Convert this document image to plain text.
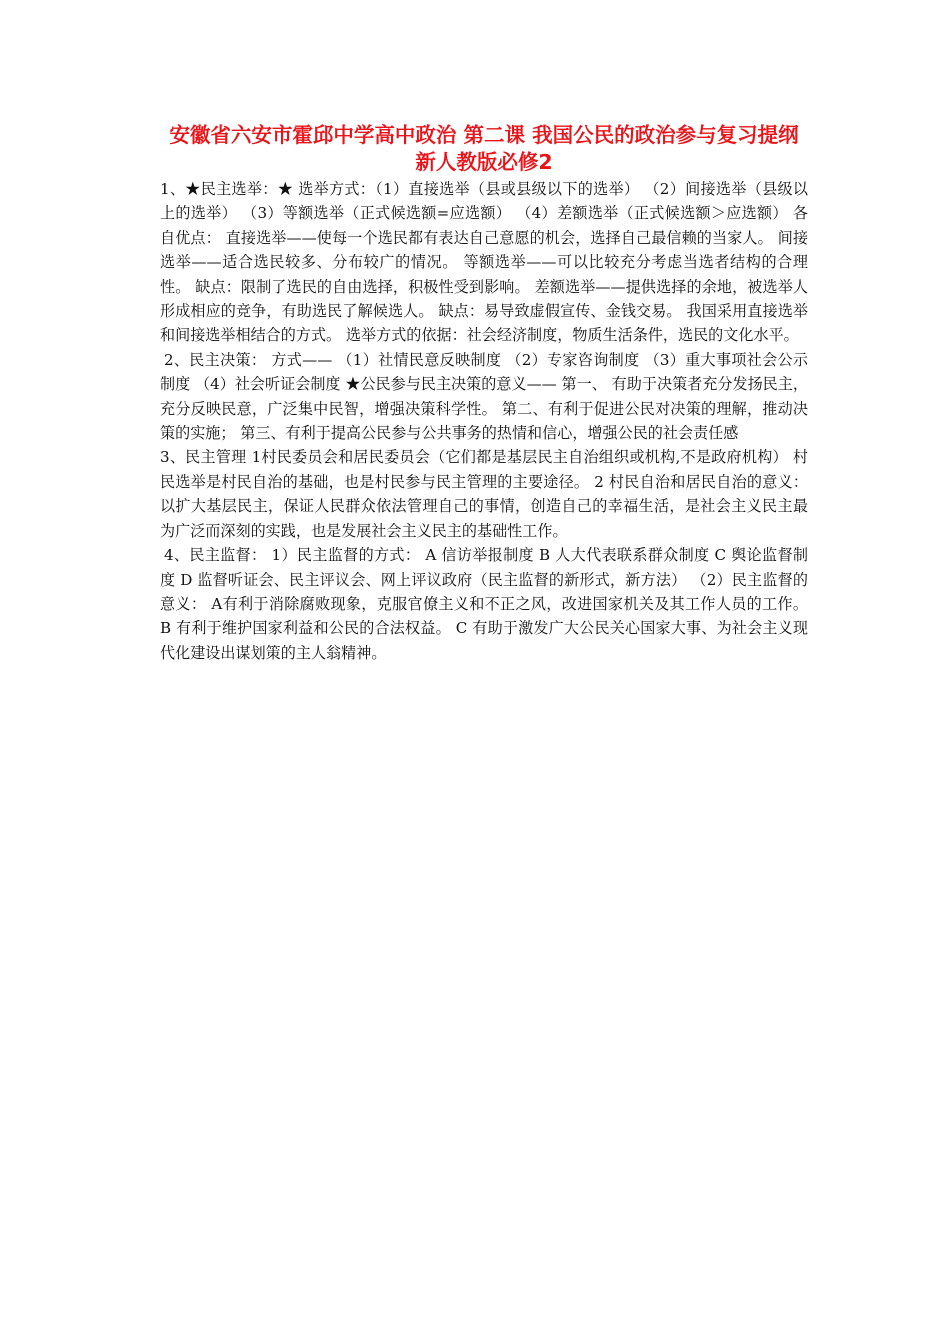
安徽省六安市霍邱中学高中政治 第二课 我国公民的政治参与复习提纲 新人教版必修2

1、★民主选举：★ 选举方式：（1）直接选举（县或县级以下的选举） （2）间接选举（县级以上的选举） （3）等额选举（正式候选额=应选额） （4）差额选举（正式候选额＞应选额） 各自优点： 直接选举——使每一个选民都有表达自己意愿的机会，选择自己最信赖的当家人。 间接选举——适合选民较多、分布较广的情况。 等额选举——可以比较充分考虑当选者结构的合理性。 缺点：限制了选民的自由选择，积极性受到影响。 差额选举——提供选择的余地，被选举人形成相应的竞争，有助选民了解候选人。 缺点：易导致虚假宣传、金钱交易。 我国采用直接选举和间接选举相结合的方式。 选举方式的依据：社会经济制度，物质生活条件，选民的文化水平。

2、民主决策： 方式—— （1）社情民意反映制度 （2）专家咨询制度 （3）重大事项社会公示制度 （4）社会听证会制度 ★公民参与民主决策的意义—— 第一、 有助于决策者充分发扬民主，充分反映民意，广泛集中民智，增强决策科学性。 第二、有利于促进公民对决策的理解，推动决策的实施； 第三、有利于提高公民参与公共事务的热情和信心，增强公民的社会责任感

3、民主管理 1村民委员会和居民委员会（它们都是基层民主自治组织或机构,不是政府机构） 村民选举是村民自治的基础，也是村民参与民主管理的主要途径。 2 村民自治和居民自治的意义：以扩大基层民主，保证人民群众依法管理自己的事情，创造自己的幸福生活，是社会主义民主最为广泛而深刻的实践，也是发展社会主义民主的基础性工作。

4、民主监督： 1）民主监督的方式： A 信访举报制度 B 人大代表联系群众制度 C 舆论监督制度 D 监督听证会、民主评议会、网上评议政府（民主监督的新形式，新方法） （2）民主监督的意义： A有利于消除腐败现象，克服官僚主义和不正之风，改进国家机关及其工作人员的工作。 B 有利于维护国家利益和公民的合法权益。 C 有助于激发广大公民关心国家大事、为社会主义现代化建设出谋划策的主人翁精神。
